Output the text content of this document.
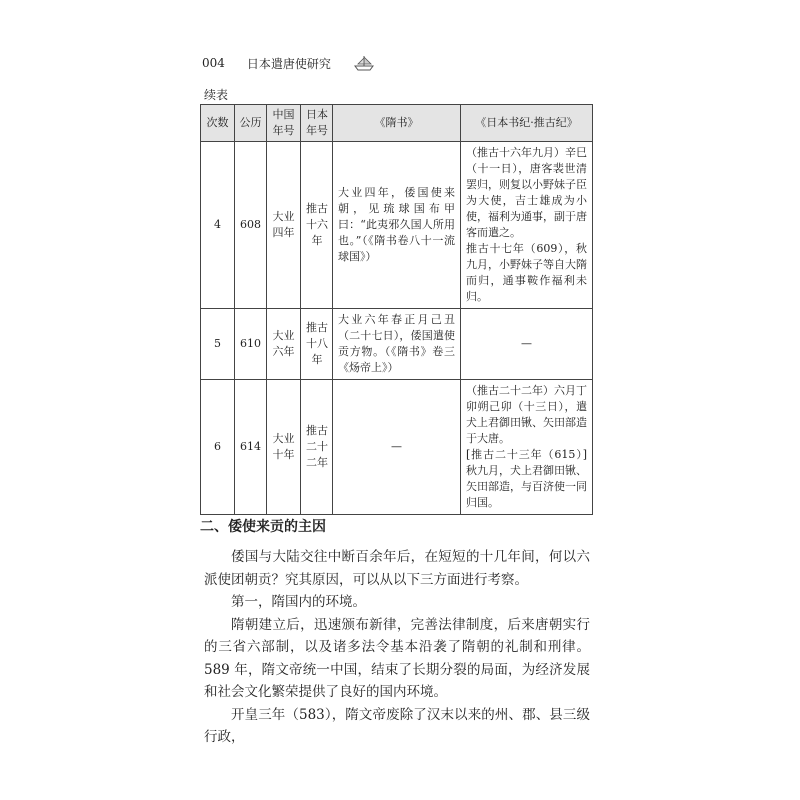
004 日本遣唐使研究
续表
次数	公历	中国年号	日本年号	《隋书》	《日本书纪·推古纪》
4	608	大业四年	推古十六年	大业四年，倭国使来朝，见琉球国布甲曰：“此夷邪久国人所用也。”（《隋书卷八十一流球国》）	（推古十六年九月）辛巳（十一日），唐客裴世清罢归，则复以小野妹子臣为大使，吉士雄成为小使，福利为通事，副于唐客而遣之。

推古十七年（609），秋九月，小野妹子等自大隋而归，通事鞍作福利未归。

5	610	大业六年	推古十八年	大业六年春正月己丑（二十七日），倭国遣使贡方物。（《隋书》卷三《炀帝上》）	—

6	614	大业十年	推古二十二年	—	（推古二十二年）六月丁卯朔己卯（十三日），遣犬上君御田锹、矢田部造于大唐。

[推古二十三年（615）]秋九月，犬上君御田锹、矢田部造，与百济使一同归国。

二、倭使来贡的主因

倭国与大陆交往中断百余年后，在短短的十几年间，何以六派使团朝贡？究其原因，可以从以下三方面进行考察。

第一，隋国内的环境。

隋朝建立后，迅速颁布新律，完善法律制度，后来唐朝实行的三省六部制，以及诸多法令基本沿袭了隋朝的礼制和刑律。589 年，隋文帝统一中国，结束了长期分裂的局面，为经济发展和社会文化繁荣提供了良好的国内环境。

开皇三年（583），隋文帝废除了汉末以来的州、郡、县三级行政，
